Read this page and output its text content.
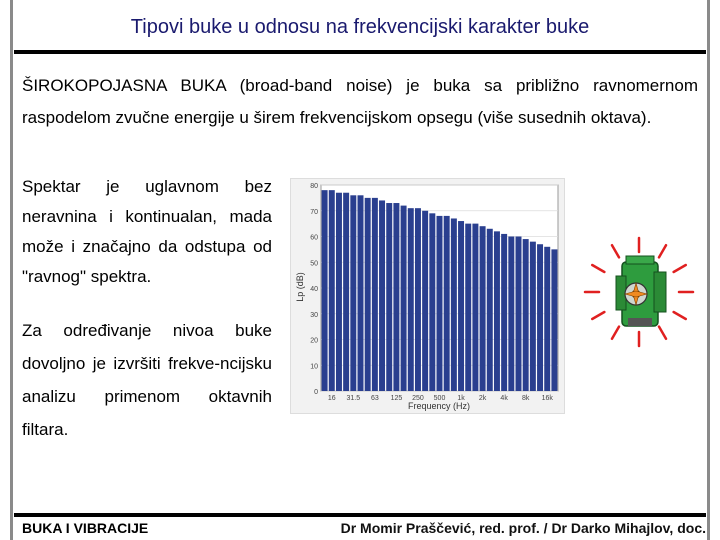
Tipovi buke u odnosu na frekvencijski karakter buke
ŠIROKOPOJASNA BUKA (broad-band noise) je buka sa približno ravnomernom raspodelom zvučne energije u širem frekvencijskom opsegu (više susednih oktava).
Spektar je uglavnom bez neravnina i kontinualan, mada može i značajno da odstupa od "ravnog" spektra.
Za određivanje nivoa buke dovoljno je izvršiti frekve-ncijsku analizu primenom oktavnih filtara.
Lp (dB)
Frequency (Hz)
0
10
20
30
40
50
60
70
80
16 31.5 63 125 250 500 1k 2k 4k 8k 16k
BUKA I VIBRACIJE	Dr Momir Praščević, red. prof. / Dr Darko Mihajlov, doc.
